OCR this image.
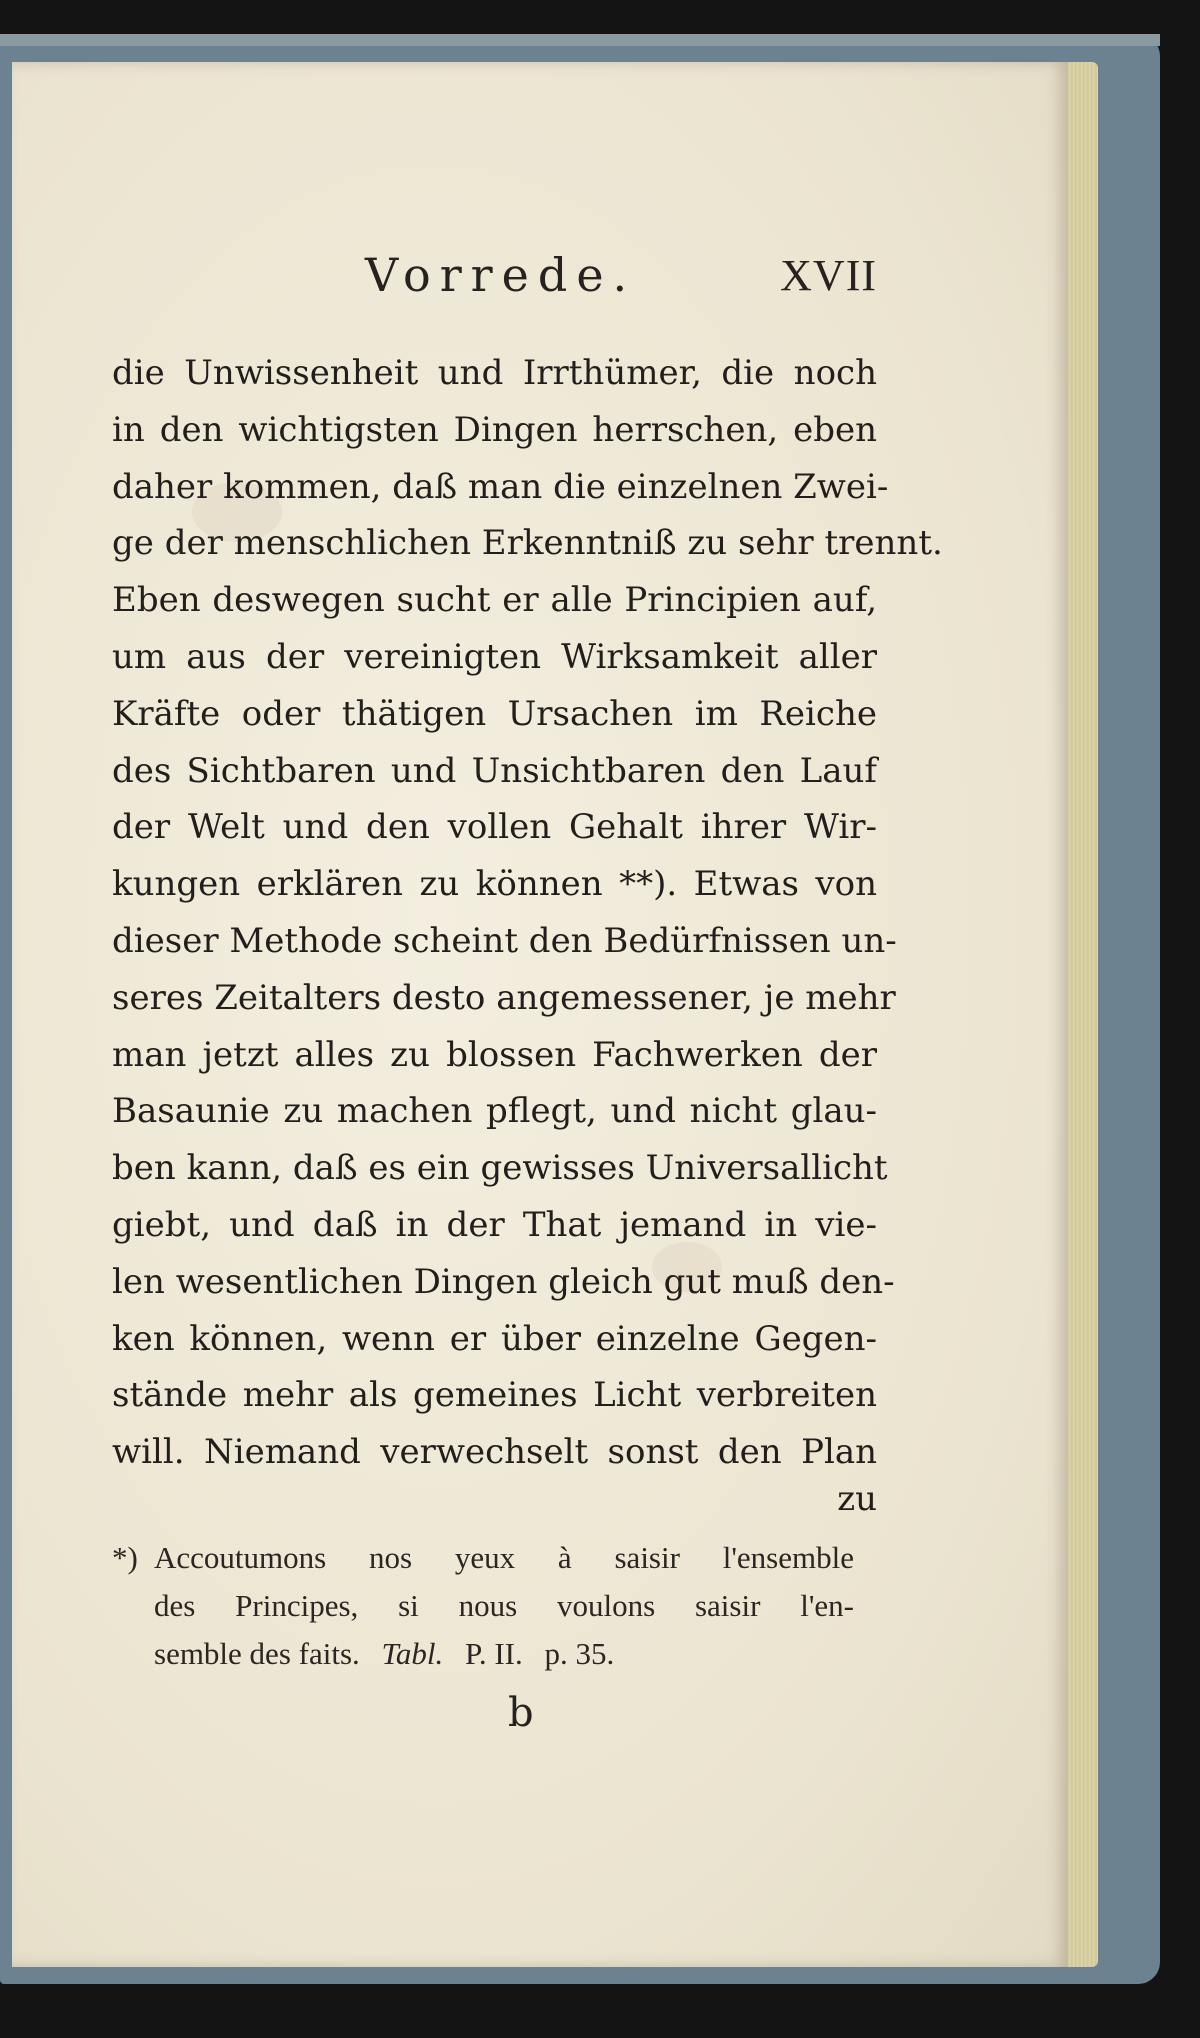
Vorrede.	XVII
die Unwissenheit und Irrthümer, die noch
in den wichtigsten Dingen herrschen, eben
daher kommen, daß man die einzelnen Zwei-
ge der menschlichen Erkenntniß zu sehr trennt.
Eben deswegen sucht er alle Principien auf,
um aus der vereinigten Wirksamkeit aller
Kräfte oder thätigen Ursachen im Reiche
des Sichtbaren und Unsichtbaren den Lauf
der Welt und den vollen Gehalt ihrer Wir-
kungen erklären zu können **). Etwas von
dieser Methode scheint den Bedürfnissen un-
seres Zeitalters desto angemessener, je mehr
man jetzt alles zu blossen Fachwerken der
Basaunie zu machen pflegt, und nicht glau-
ben kann, daß es ein gewisses Universallicht
giebt, und daß in der That jemand in vie-
len wesentlichen Dingen gleich gut muß den-
ken können, wenn er über einzelne Gegen-
stände mehr als gemeines Licht verbreiten
will. Niemand verwechselt sonst den Plan
zu
*) Accoutumons nos yeux à saisir l'ensemble
des Principes, si nous voulons saisir l'en-
semble des faits. Tabl. P. II. p. 35.
b
